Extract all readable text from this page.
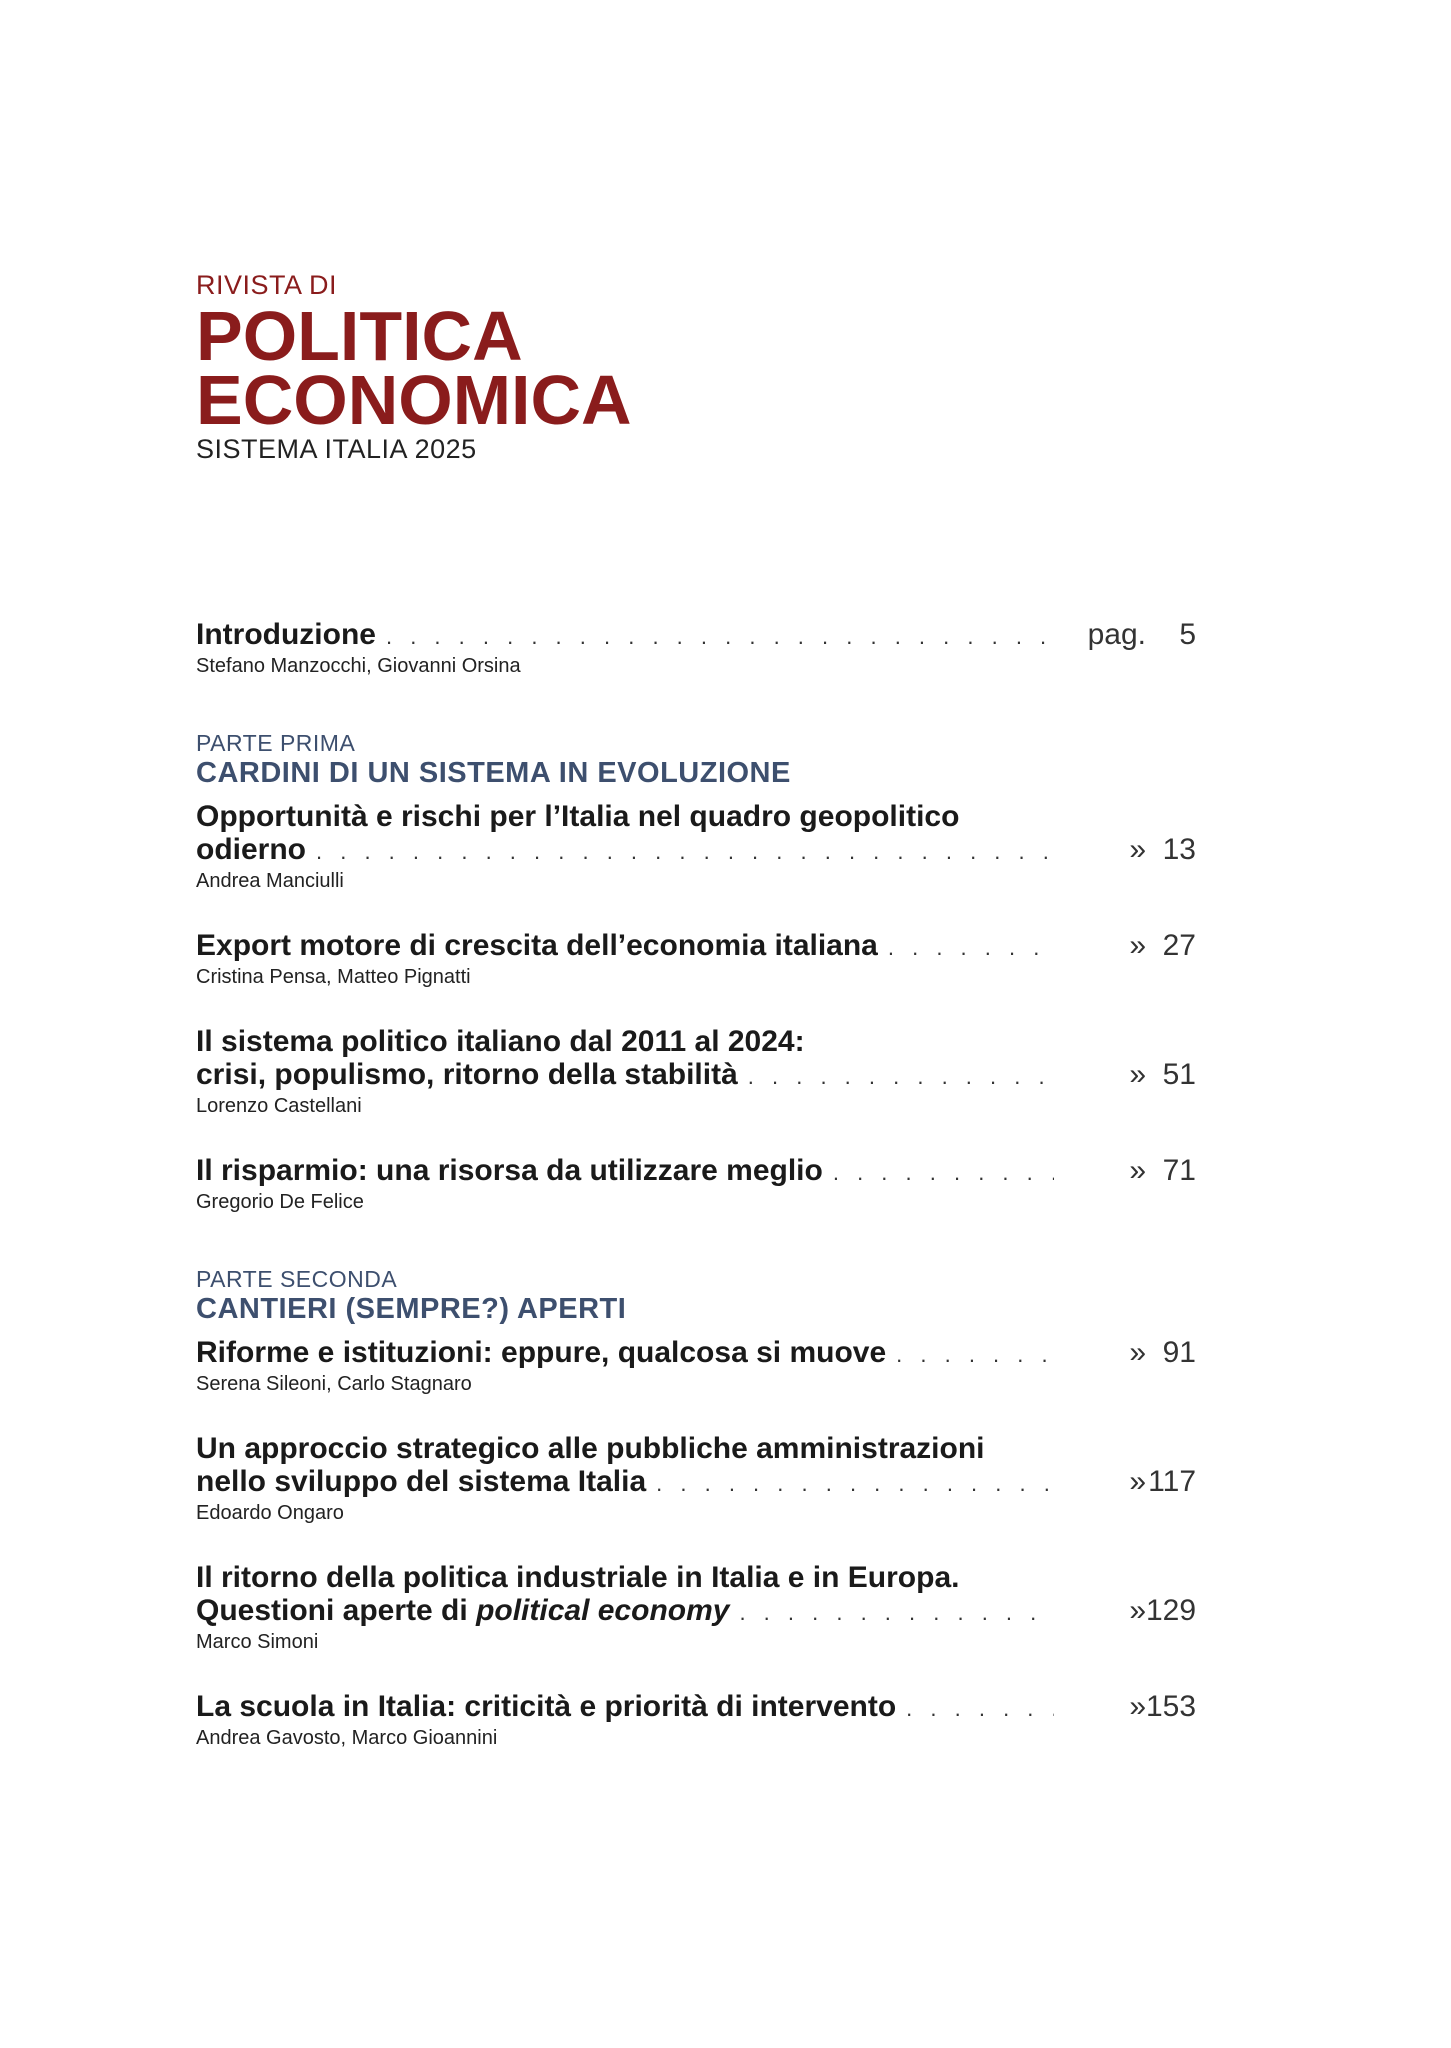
RIVISTA DI
POLITICA
ECONOMICA
SISTEMA ITALIA 2025
Introduzione . . .	pag.	5
Stefano Manzocchi, Giovanni Orsina
PARTE PRIMA
CARDINI DI UN SISTEMA IN EVOLUZIONE
Opportunità e rischi per l’Italia nel quadro geopolitico
odierno . . .	» 13
Andrea Manciulli
Export motore di crescita dell’economia italiana . . .	» 27
Cristina Pensa, Matteo Pignatti
Il sistema politico italiano dal 2011 al 2024:
crisi, populismo, ritorno della stabilità . . .	» 51
Lorenzo Castellani
Il risparmio: una risorsa da utilizzare meglio . . .	» 71
Gregorio De Felice
PARTE SECONDA
CANTIERI (SEMPRE?) APERTI
Riforme e istituzioni: eppure, qualcosa si muove . . .	» 91
Serena Sileoni, Carlo Stagnaro
Un approccio strategico alle pubbliche amministrazioni
nello sviluppo del sistema Italia . . .	» 117
Edoardo Ongaro
Il ritorno della politica industriale in Italia e in Europa.
Questioni aperte di political economy . . .	» 129
Marco Simoni
La scuola in Italia: criticità e priorità di intervento . . .	» 153
Andrea Gavosto, Marco Gioannini
